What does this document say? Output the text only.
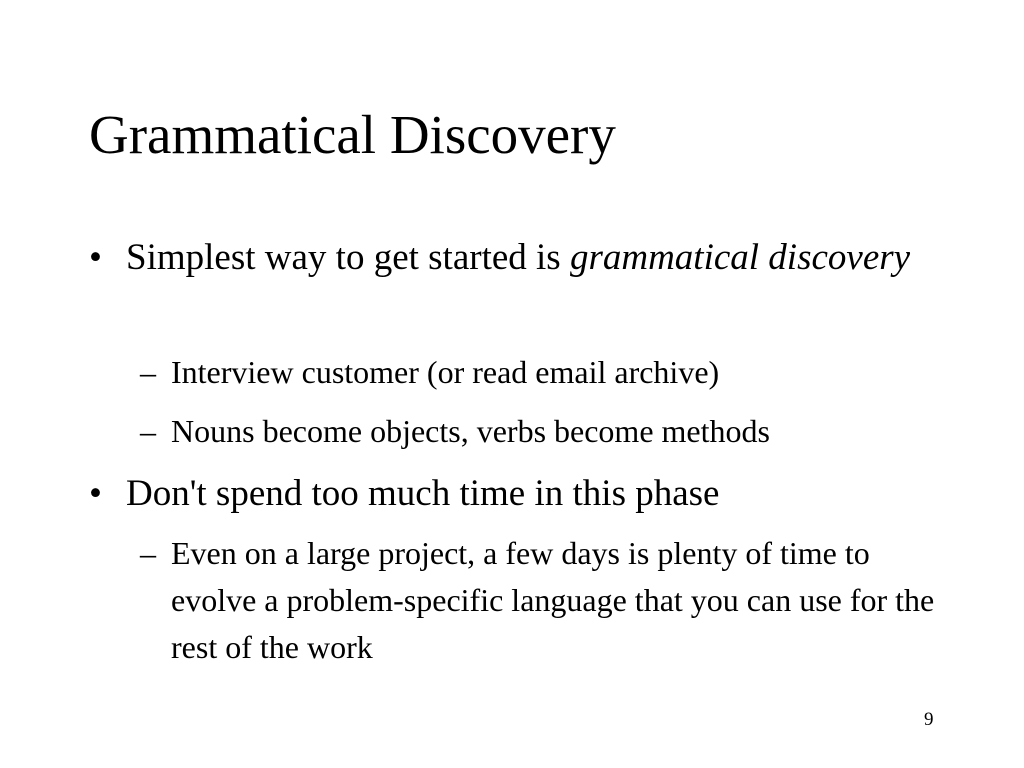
Grammatical Discovery
• Simplest way to get started is grammatical discovery
– Interview customer (or read email archive)
– Nouns become objects, verbs become methods
• Don't spend too much time in this phase
– Even on a large project, a few days is plenty of time to evolve a problem-specific language that you can use for the rest of the work
9
